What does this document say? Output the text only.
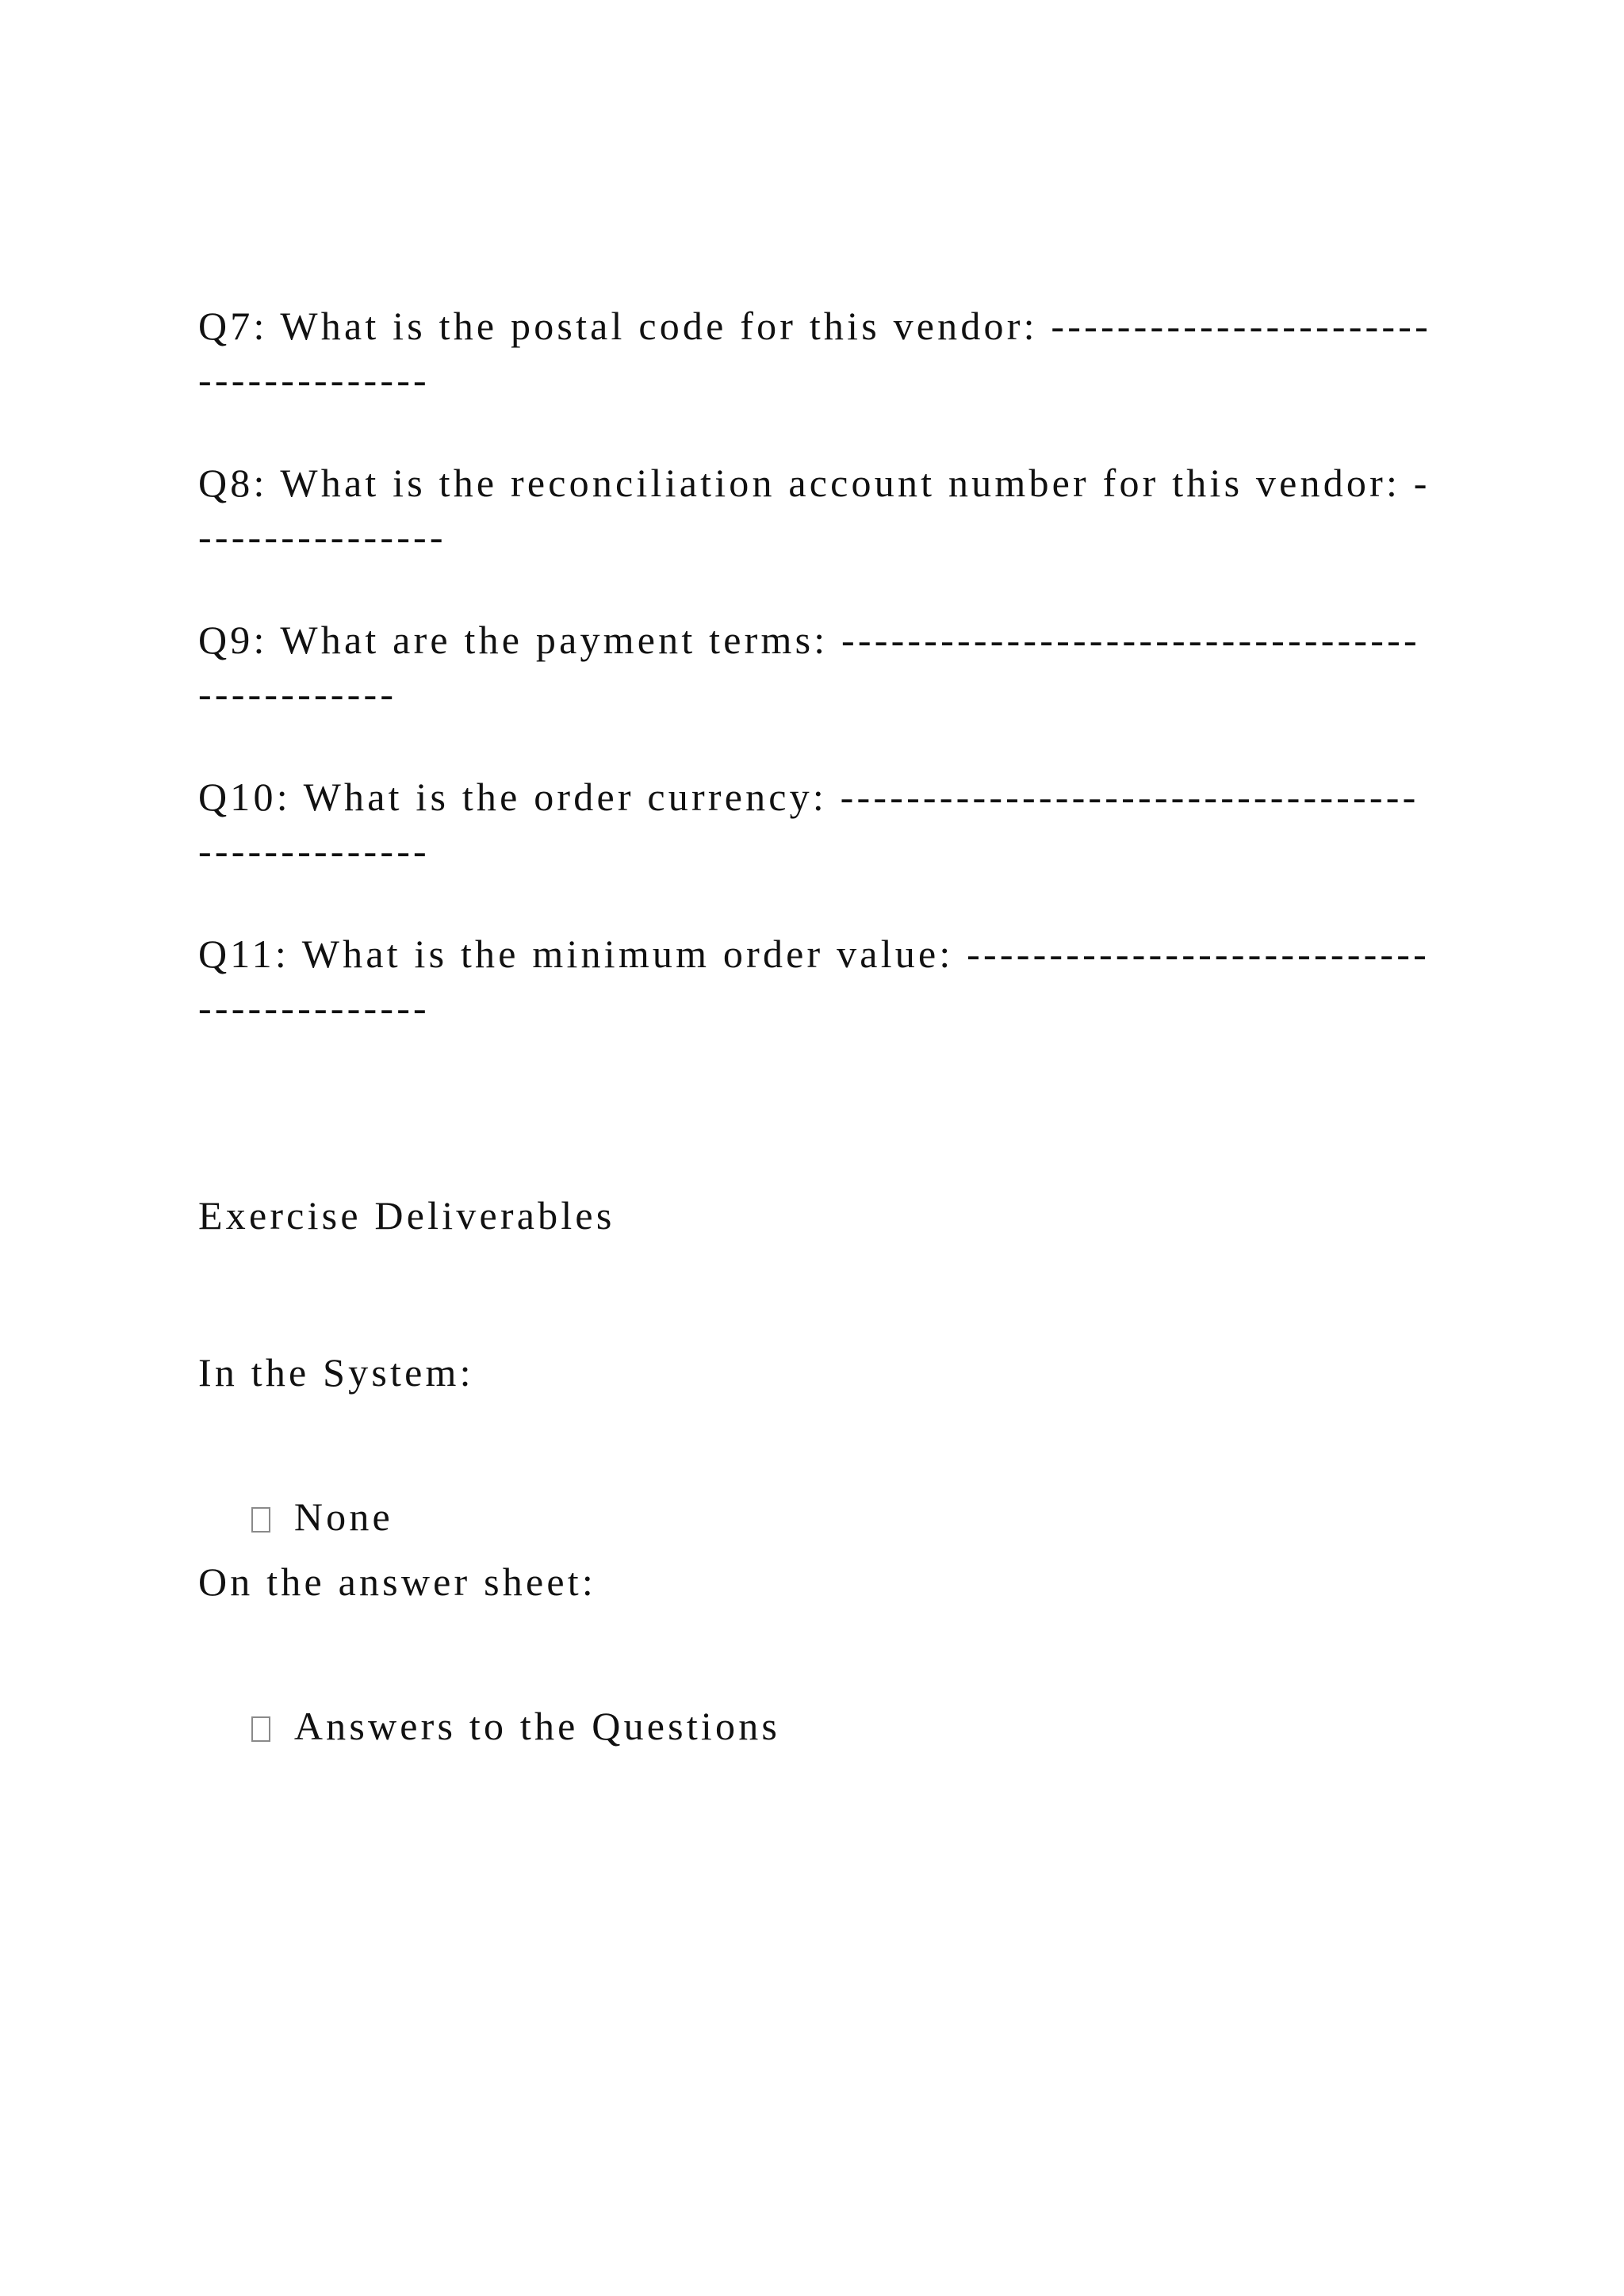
Q7: What is the postal code for this vendor: -----------------------
--------------
Q8: What is the reconciliation account number for this vendor: -
---------------
Q9: What are the payment terms: -----------------------------------
------------
Q10: What is the order currency: -----------------------------------
--------------
Q11: What is the minimum order value: ----------------------------
--------------
Exercise Deliverables
In the System:

None

On the answer sheet:

Answers to the Questions
